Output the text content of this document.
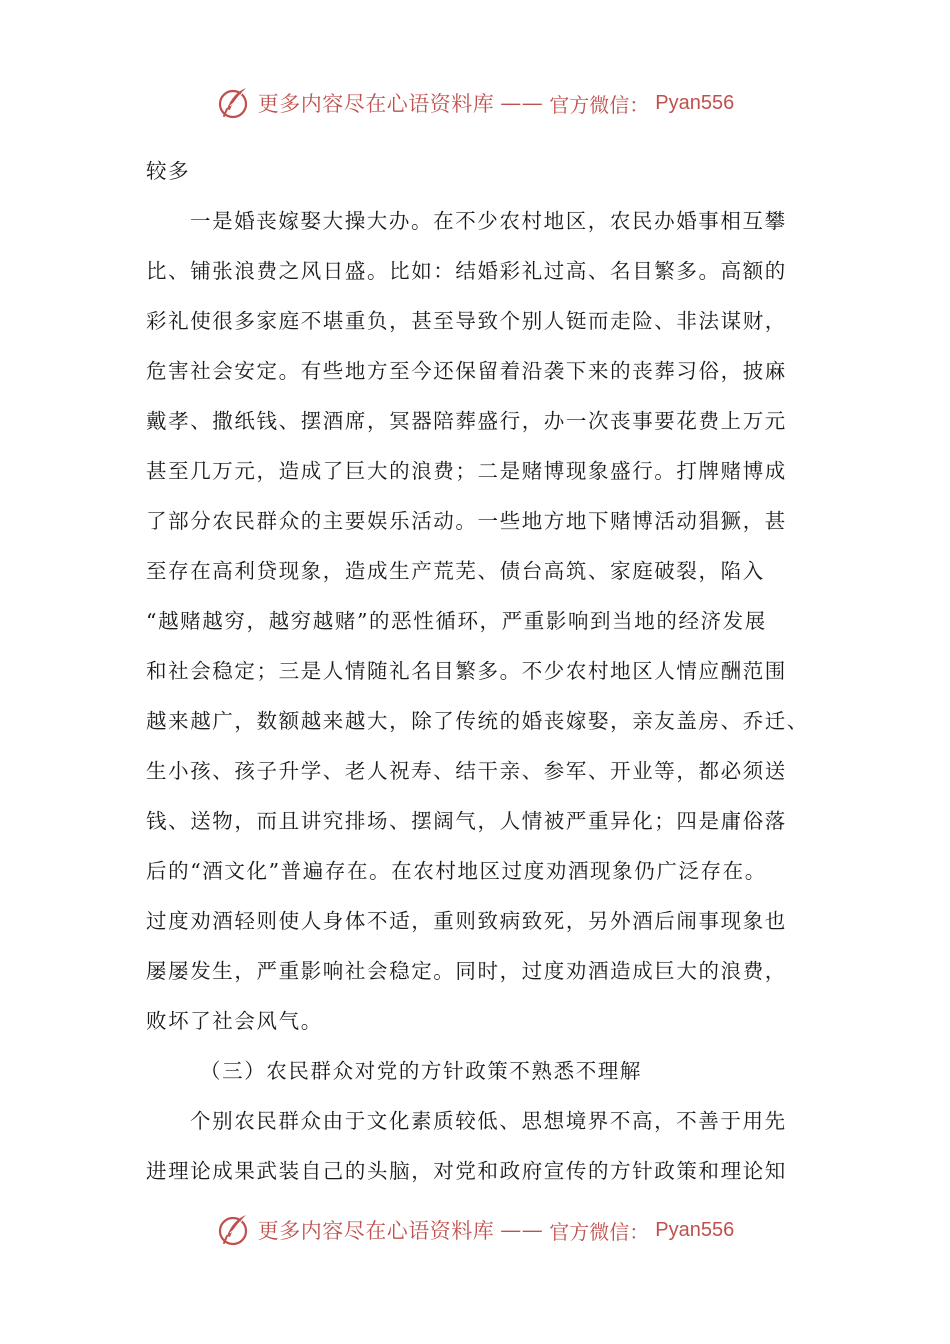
更多内容尽在心语资料库 —— 官方微信： Pyan556
较多
一是婚丧嫁娶大操大办。在不少农村地区，农民办婚事相互攀
比、铺张浪费之风日盛。比如：结婚彩礼过高、名目繁多。高额的
彩礼使很多家庭不堪重负，甚至导致个别人铤而走险、非法谋财，
危害社会安定。有些地方至今还保留着沿袭下来的丧葬习俗，披麻
戴孝、撒纸钱、摆酒席，冥器陪葬盛行，办一次丧事要花费上万元
甚至几万元，造成了巨大的浪费；二是赌博现象盛行。打牌赌博成
了部分农民群众的主要娱乐活动。一些地方地下赌博活动猖獗，甚
至存在高利贷现象，造成生产荒芜、债台高筑、家庭破裂，陷入
“越赌越穷，越穷越赌”的恶性循环，严重影响到当地的经济发展
和社会稳定；三是人情随礼名目繁多。不少农村地区人情应酬范围
越来越广，数额越来越大，除了传统的婚丧嫁娶，亲友盖房、乔迁、
生小孩、孩子升学、老人祝寿、结干亲、参军、开业等，都必须送
钱、送物，而且讲究排场、摆阔气，人情被严重异化；四是庸俗落
后的“酒文化”普遍存在。在农村地区过度劝酒现象仍广泛存在。
过度劝酒轻则使人身体不适，重则致病致死，另外酒后闹事现象也
屡屡发生，严重影响社会稳定。同时，过度劝酒造成巨大的浪费，
败坏了社会风气。
（三）农民群众对党的方针政策不熟悉不理解
个别农民群众由于文化素质较低、思想境界不高，不善于用先
进理论成果武装自己的头脑，对党和政府宣传的方针政策和理论知
更多内容尽在心语资料库 —— 官方微信： Pyan556
